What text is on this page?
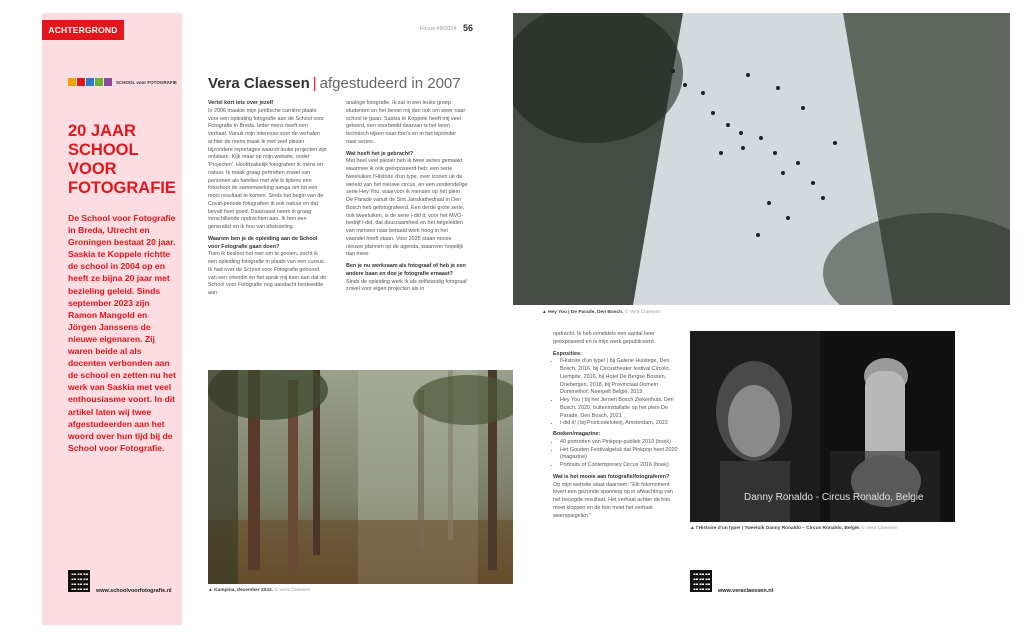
ACHTERGROND
SCHOOL voor FOTOGRAFIE
20 JAAR
SCHOOL
VOOR
FOTOGRAFIE
De School voor Fotografie in Breda, Utrecht en Groningen bestaat 20 jaar. Saskia te Koppele richtte de school in 2004 op en heeft ze bijna 20 jaar met bezieling geleid. Sinds september 2023 zijn Ramon Mangold en Jörgen Janssens de nieuwe eigenaren. Zij waren beide al als docenten verbonden aan de school en zetten nu het werk van Saskia met veel enthousiasme voort. In dit artikel laten wij twee afgestudeerden aan het woord over hun tijd bij de School voor Fotografie.
www.schoolvoorfotografie.nl
Focus #8/2024 56
Vera Claessen | afgestudeerd in 2007

Vertel kort iets over jezelf

In 2006 maakte mijn juridische carrière plaats voor een opleiding fotografie aan de School voor Fotografie in Breda. Ieder mens heeft een verhaal. Vanuit mijn interesse voor de verhalen achter de mens maak ik met veel plezier bijzondere reportages waaruit leuke projecten zijn ontstaan. Kijk maar op mijn website, onder 'Projecten'. Hoofdzakelijk fotografeer ik mens en natuur. Ik maak graag portretten zowel van personen als families met wie ik tijdens een fotoshoot de samenwerking aanga om tot een mooi resultaat te komen. Sinds het begin van de Covid-periode fotografeer ik ook natuur en dat bevalt heel goed. Daarnaast neem ik graag verschillende opdrachten aan. Ik ben een generalist en ik hou van afwisseling.

Waarom ben je de opleiding aan de School voor Fotografie gaan doen?

Toen ik besloot het roer om te gooien, zocht ik een opleiding fotografie in plaats van een cursus. Ik had over de School voor Fotografie gehoord van een vriendin en het sprak mij toen aan dat de School voor Fotografie nog aandacht besteedde aan

analoge fotografie. Ik zat in een leuke groep studenten en het beviel mij dan ook om weer naar school te gaan. Saskia te Koppele heeft mij veel geleerd, een voorbeeld daarvan is het leren technisch kijken naar foto's en in het bijzonder naar series.

Wat heeft het je gebracht?

Met heel veel plezier heb ik twee series gemaakt waarmee ik ook geëxposeerd heb: een serie tweeluiken l'Histoire d'un type, over iconen uit de wereld van het nieuwe circus, en een zestiendelige serie Hey You, waarvoor ik mensen op het plein De Parade vanuit de Sint Janskathedraal in Den Bosch heb gefotografeerd. Een derde grote serie, ook tweeluiken, is de serie i-did it, voor het MVO-bedrijf i-did, dat duurzaamheid en het begeleiden van mensen naar betaald werk hoog in het vaandel heeft staan. Voor 2025 staan mooie nieuwe plannen op de agenda, waarover hopelijk dan meer.

Ben je nu werkzaam als fotograaf of heb je een andere baan en doe je fotografie ernaast?

Sinds de opleiding werk ik als zelfstandig fotograaf zowel voor eigen projecten als in

▲ Kampina, december 2022. © Vera Claessen
▲ Hey You | De Parade, Den Bosch. © Vera Claessen

opdracht. Ik heb inmiddels een aantal keer geëxposeerd en is mijn werk gepubliceerd.

Exposities:

• l'Histoire d'un type! | bij Galerie Huistege, Den Bosch, 2016, bij Circustheater festival Circolo, Liempde, 2016, bij Hotel De Bergse Bossen, Driebergen, 2018, bij Provinciaal Domein Dommelhof, Neerpelt België, 2019
• Hey You | bij het Jeroen Bosch Ziekenhuis, Den Bosch, 2020, buiteninstallatie op het plein De Parade, Den Bosch, 2021
• i-did it! | bij Postcodeloterij, Amsterdam, 2023

Boeken/magazine:

• 40 portretten van Pinkpop-publiek 2010 (boek)
• Het Gouden Festivalgeluk dat Pinkpop heet 2020 (magazine)
• Portraits of Contemporary Circus 2016 (boek)

Wat is het mooie aan fotografie/fotograferen?

Op mijn website staat daarover: "Elk fotomoment levert een gezonde spanning op in afwachting van het beoogde resultaat. Het verhaal achter de foto moet kloppen en de foto moet het verhaal weerspiegelen."

Danny Ronaldo - Circus Ronaldo, Belgie
▲ l'Histoire d'un type! | Tweeluik Danny Ronaldo – Circus Ronaldo, België. © Vera Claessen
www.veraclaessen.nl
